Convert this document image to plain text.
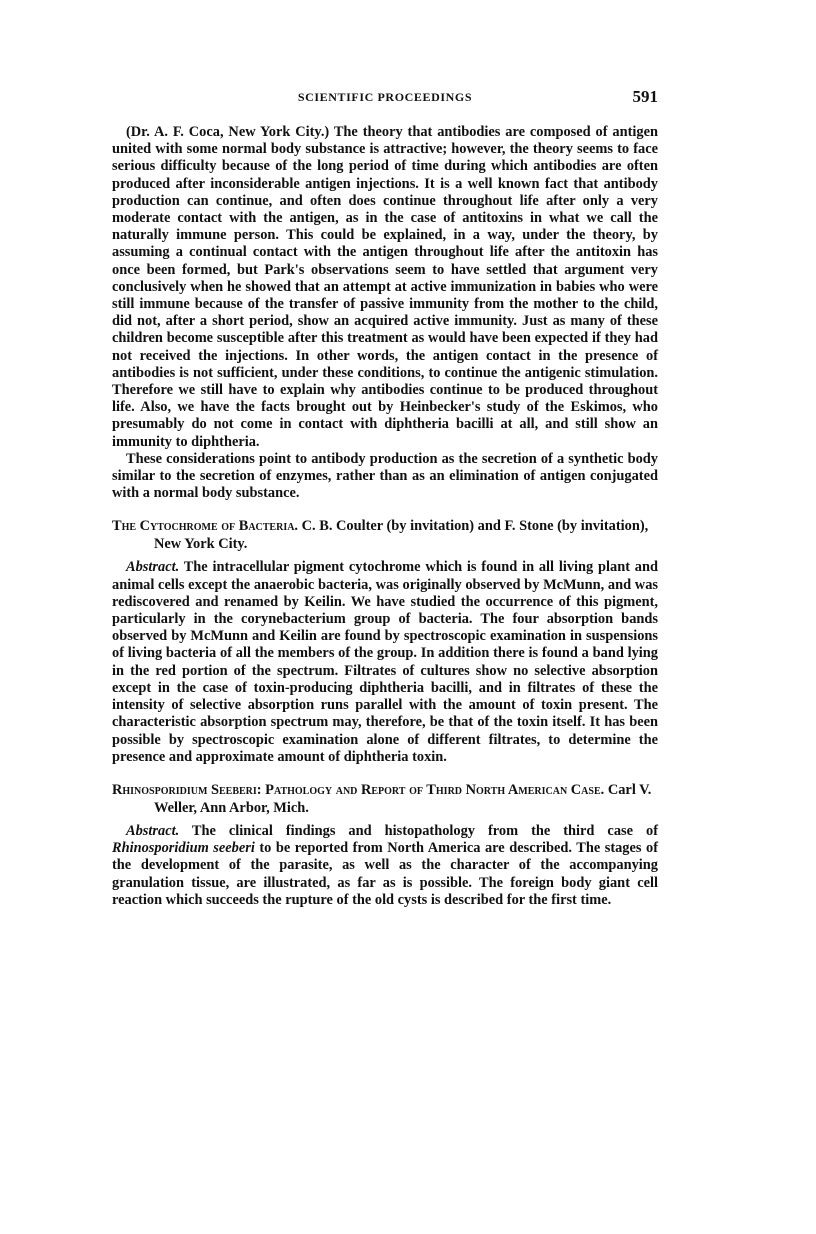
SCIENTIFIC PROCEEDINGS	591

(Dr. A. F. Coca, New York City.) The theory that antibodies are composed of antigen united with some normal body substance is attractive; however, the theory seems to face serious difficulty because of the long period of time during which antibodies are often produced after inconsiderable antigen injections. It is a well known fact that antibody production can continue, and often does continue throughout life after only a very moderate contact with the antigen, as in the case of antitoxins in what we call the naturally immune person. This could be explained, in a way, under the theory, by assuming a continual contact with the antigen throughout life after the antitoxin has once been formed, but Park's observations seem to have settled that argument very conclusively when he showed that an attempt at active immunization in babies who were still immune because of the transfer of passive immunity from the mother to the child, did not, after a short period, show an acquired active immunity. Just as many of these children become susceptible after this treatment as would have been expected if they had not received the injections. In other words, the antigen contact in the presence of antibodies is not sufficient, under these conditions, to continue the antigenic stimulation. Therefore we still have to explain why antibodies continue to be produced throughout life. Also, we have the facts brought out by Heinbecker's study of the Eskimos, who presumably do not come in contact with diphtheria bacilli at all, and still show an immunity to diphtheria.

These considerations point to antibody production as the secretion of a synthetic body similar to the secretion of enzymes, rather than as an elimination of antigen conjugated with a normal body substance.

The Cytochrome of Bacteria. C. B. Coulter (by invitation) and F. Stone (by invitation), New York City.

Abstract. The intracellular pigment cytochrome which is found in all living plant and animal cells except the anaerobic bacteria, was originally observed by McMunn, and was rediscovered and renamed by Keilin. We have studied the occurrence of this pigment, particularly in the corynebacterium group of bacteria. The four absorption bands observed by McMunn and Keilin are found by spectroscopic examination in suspensions of living bacteria of all the members of the group. In addition there is found a band lying in the red portion of the spectrum. Filtrates of cultures show no selective absorption except in the case of toxin-producing diphtheria bacilli, and in filtrates of these the intensity of selective absorption runs parallel with the amount of toxin present. The characteristic absorption spectrum may, therefore, be that of the toxin itself. It has been possible by spectroscopic examination alone of different filtrates, to determine the presence and approximate amount of diphtheria toxin.

Rhinosporidium Seeberi: Pathology and Report of Third North American Case. Carl V. Weller, Ann Arbor, Mich.

Abstract. The clinical findings and histopathology from the third case of Rhinosporidium seeberi to be reported from North America are described. The stages of the development of the parasite, as well as the character of the accompanying granulation tissue, are illustrated, as far as is possible. The foreign body giant cell reaction which succeeds the rupture of the old cysts is described for the first time.
